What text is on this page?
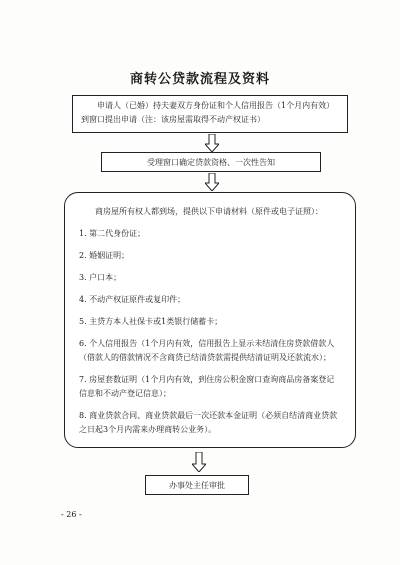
商转公贷款流程及资料
申请人（已婚）持夫妻双方身份证和个人信用报告（1个月内有效）到窗口提出申请（注：该房屋需取得不动产权证书）
受理窗口确定贷款资格、一次性告知
商房屋所有权人都到场，提供以下申请材料（原件或电子证照）：
1. 第二代身份证；
2. 婚姻证明；
3. 户口本；
4. 不动产权证原件或复印件；
5. 主贷方本人社保卡或1类银行储蓄卡；
6. 个人信用报告（1个月内有效，信用报告上显示未结清住房贷款借款人（借款人的借款情况不含商贷已结清贷款需提供结清证明及还款流水）；
7. 房屋套数证明（1个月内有效，到住房公积金窗口查询商品房备案登记信息和不动产登记信息）；
8. 商业贷款合同、商业贷款最后一次还款本金证明（必须自结清商业贷款之日起3个月内需来办理商转公业务）。
办事处主任审批
- 26 -
